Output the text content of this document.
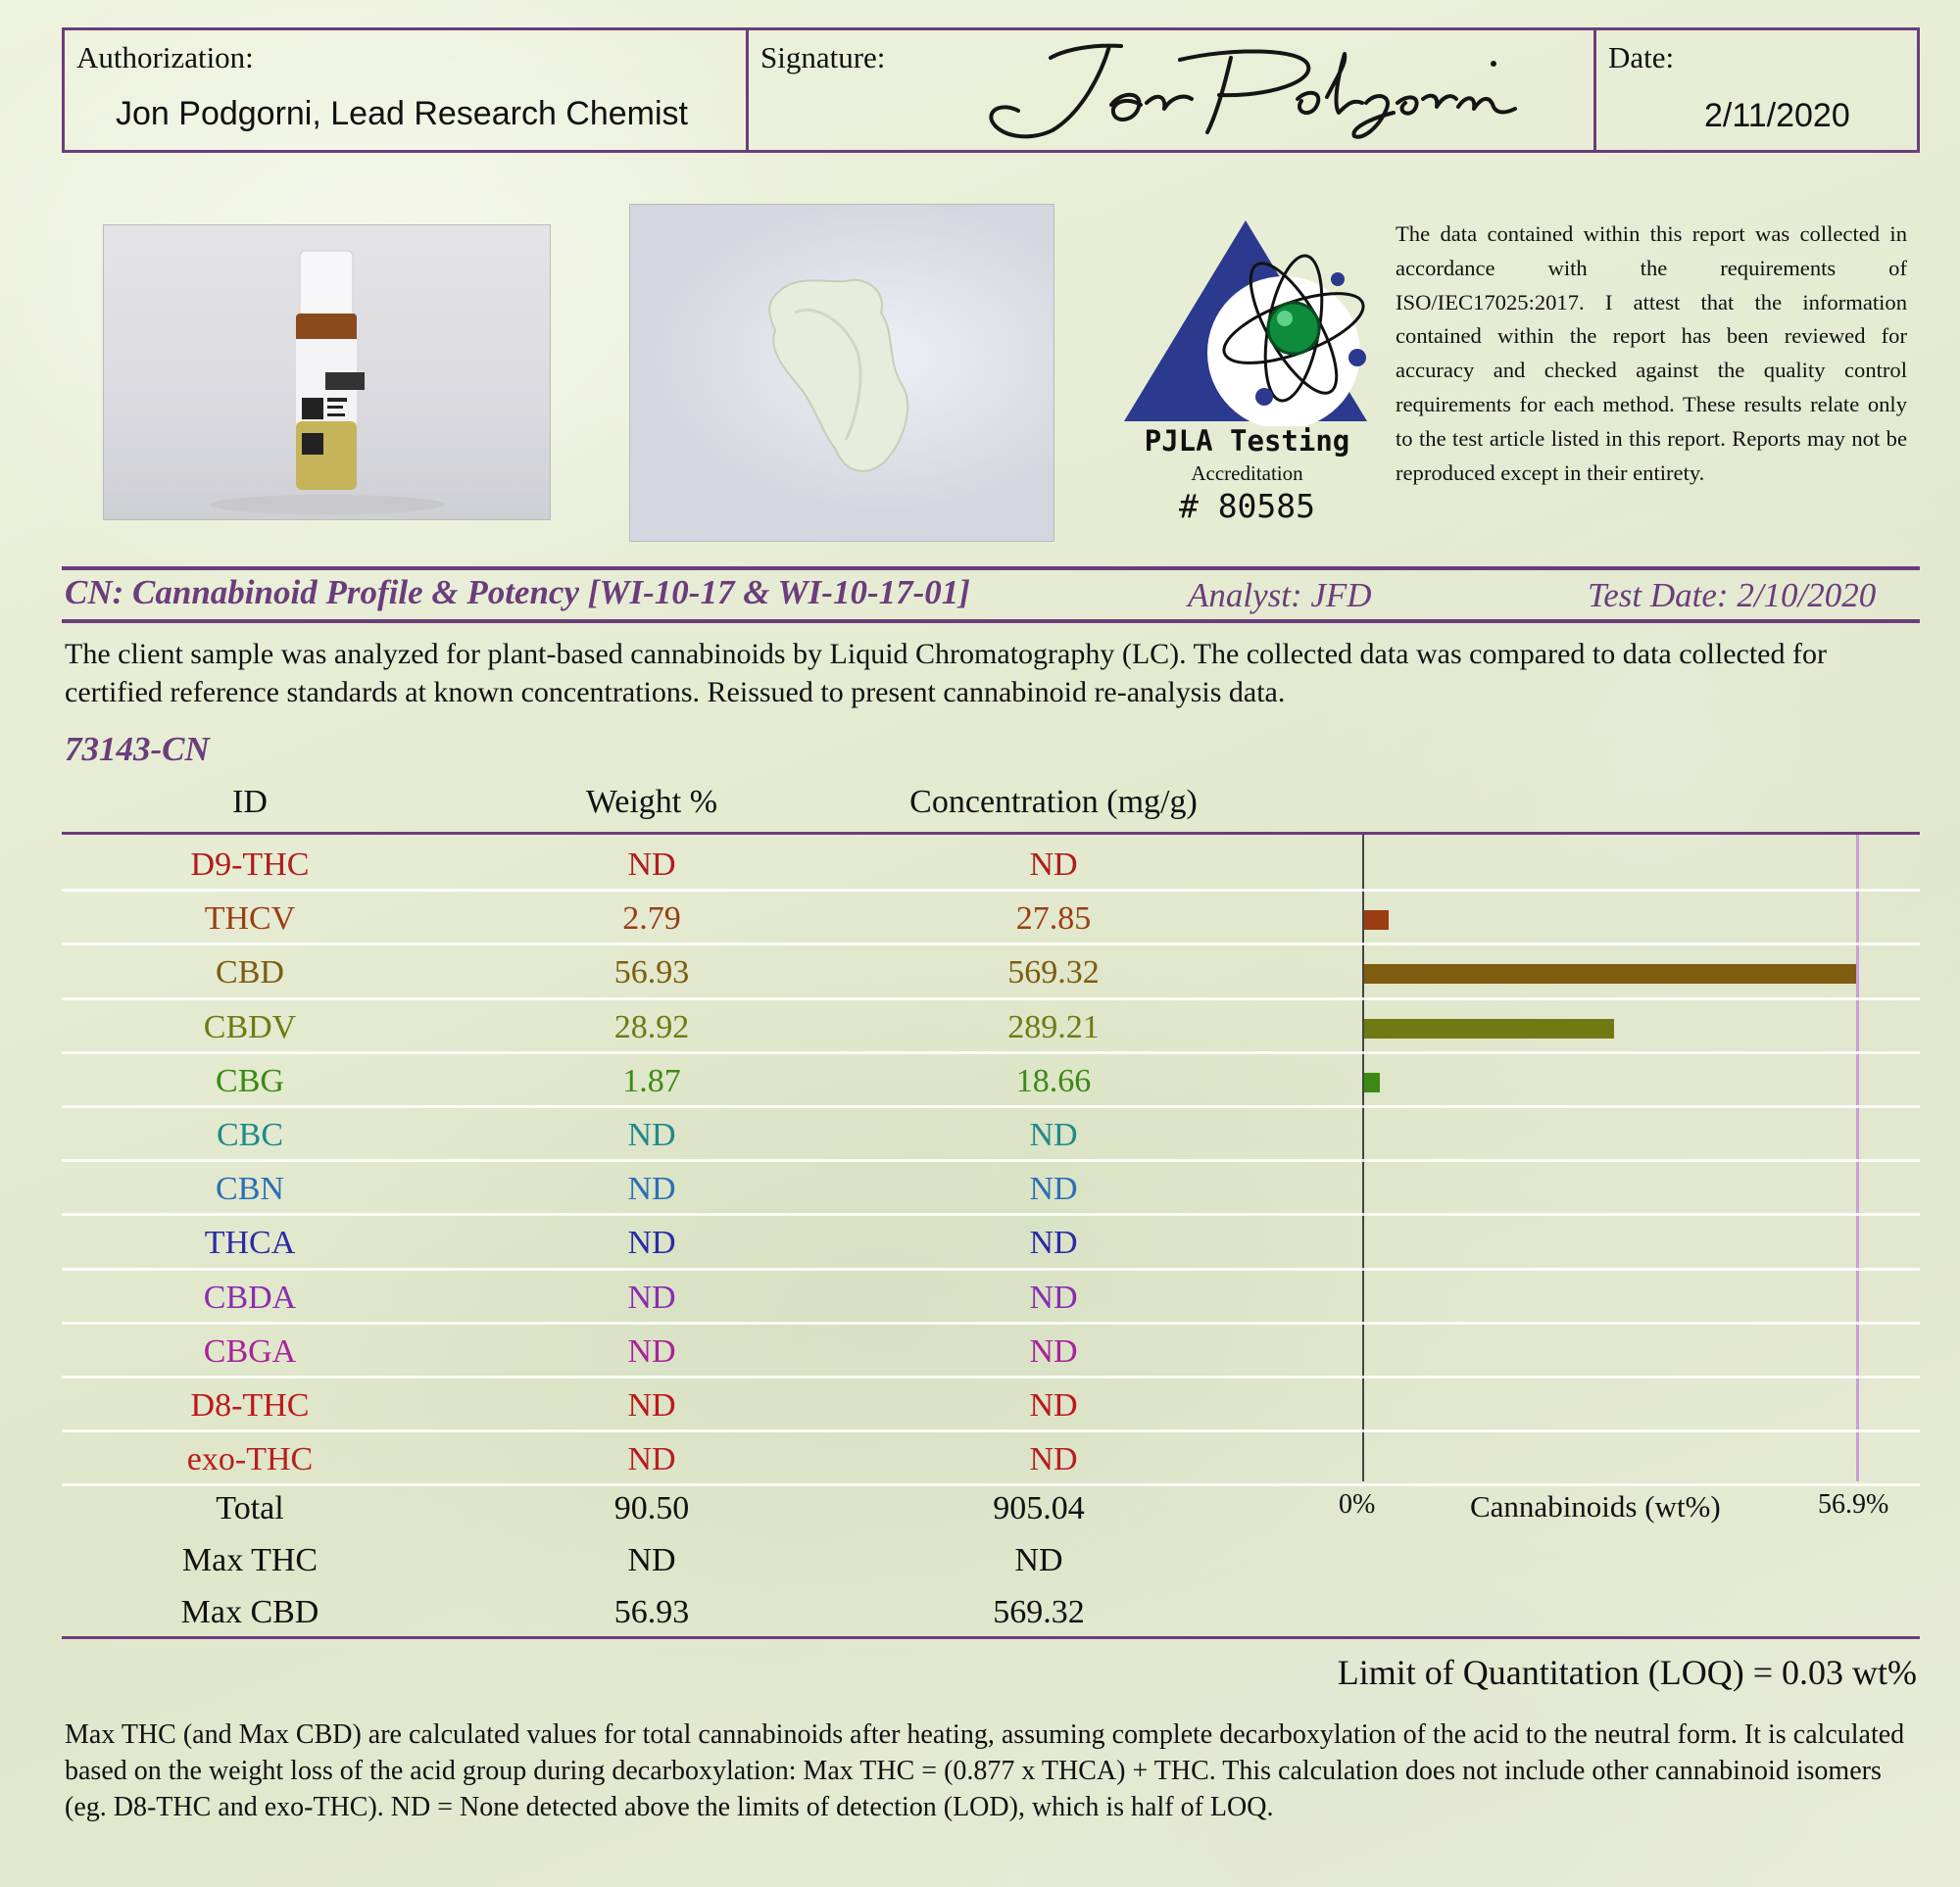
Authorization:
Jon Podgorni, Lead Research Chemist
Signature:	Date:
2/11/2020
PJLA Testing
Accreditation
# 80585
The data contained within this report was collected in accordance with the requirements of ISO/IEC17025:2017. I attest that the information contained within the report has been reviewed for accuracy and checked against the quality control requirements for each method. These results relate only to the test article listed in this report. Reports may not be reproduced except in their entirety.
CN: Cannabinoid Profile & Potency [WI-10-17 & WI-10-17-01]	Analyst: JFD	Test Date: 2/10/2020
The client sample was analyzed for plant-based cannabinoids by Liquid Chromatography (LC). The collected data was compared to data collected for certified reference standards at known concentrations. Reissued to present cannabinoid re-analysis data.
73143-CN
ID	Weight %	Concentration (mg/g)
D9-THC	ND	ND
THCV	2.79	27.85
CBD	56.93	569.32
CBDV	28.92	289.21
CBG	1.87	18.66
CBC	ND	ND
CBN	ND	ND
THCA	ND	ND
CBDA	ND	ND
CBGA	ND	ND
D8-THC	ND	ND
exo-THC	ND	ND
0%	Cannabinoids (wt%)	56.9%
Total	90.50	905.04
Max THC	ND	ND
Max CBD	56.93	569.32
Limit of Quantitation (LOQ) = 0.03 wt%
Max THC (and Max CBD) are calculated values for total cannabinoids after heating, assuming complete decarboxylation of the acid to the neutral form. It is calculated based on the weight loss of the acid group during decarboxylation: Max THC = (0.877 x THCA) + THC. This calculation does not include other cannabinoid isomers (eg. D8-THC and exo-THC). ND = None detected above the limits of detection (LOD), which is half of LOQ.
